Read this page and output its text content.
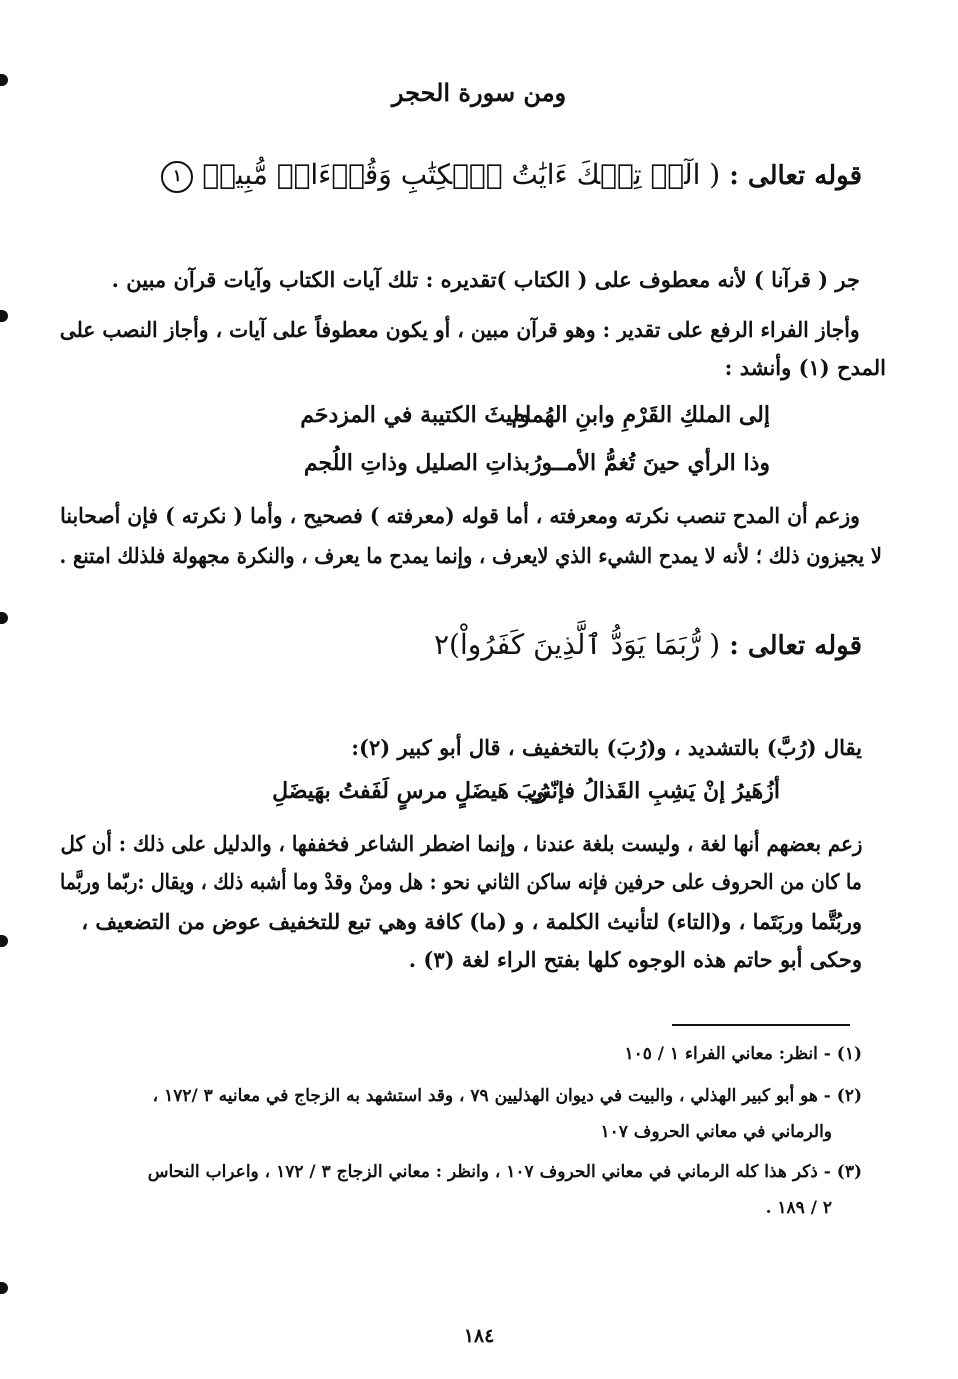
ومن سورة الحجر
قوله تعالى : ( الٓرۚ تِلۡكَ ءَايَٰتُ ٱلۡكِتَٰبِ وَقُرۡءَانٖ مُّبِينٖ ١
جر ( قرآنا ) لأنه معطوف على ( الكتاب )تقديره : تلك آيات الكتاب وآيات قرآن مبين .
وأجاز الفراء الرفع على تقدير : وهو قرآن مبين ، أو يكون معطوفاً على آيات ، وأجاز النصب على
المدح (١) وأنشد :
إلى الملكِ القَرْمِ وابنِ الهُمام
وليثَ الكتيبة في المزدحَم
وذا الرأي حينَ تُغمُّ الأمــورُ
بذاتِ الصليل وذاتِ اللُجم
وزعم أن المدح تنصب نكرته ومعرفته ، أما قوله (معرفته ) فصحيح ، وأما ( نكرته ) فإن أصحابنا
لا يجيزون ذلك ؛ لأنه لا يمدح الشيء الذي لايعرف ، وإنما يمدح ما يعرف ، والنكرة مجهولة فلذلك امتنع .
قوله تعالى : ( رُّبَمَا يَوَدُّ ٱلَّذِينَ كَفَرُواْ)٢
يقال (رُبَّ) بالتشديد ، و(رُبَ) بالتخفيف ، قال أبو كبير (٢):
أزُهَيرُ إنْ يَشِبِ القَذالُ فإنّني
رُبَ هَيضَلٍ مرسٍ لَفَفتُ بهَيضَلِ
زعم بعضهم أنها لغة ، وليست بلغة عندنا ، وإنما اضطر الشاعر فخففها ، والدليل على ذلك : أن كل
ما كان من الحروف على حرفين فإنه ساكن الثاني نحو : هل ومنْ وقدْ وما أشبه ذلك ، ويقال :ربّما وربَّما
وربُتَّما وربَتَما ، و(التاء) لتأنيث الكلمة ، و (ما) كافة وهي تبع للتخفيف عوض من التضعيف ،
وحكى أبو حاتم هذه الوجوه كلها بفتح الراء لغة (٣) .
(١) - انظر: معاني الفراء ١ / ١٠٥
(٢) - هو أبو كبير الهذلي ، والبيت في ديوان الهذليين ٧٩ ، وقد استشهد به الزجاج في معانيه ٣ /١٧٢ ،
والرماني في معاني الحروف ١٠٧
(٣) - ذكر هذا كله الرماني في معاني الحروف ١٠٧ ، وانظر : معاني الزجاج ٣ / ١٧٢ ، واعراب النحاس
٢ / ١٨٩ .
١٨٤
